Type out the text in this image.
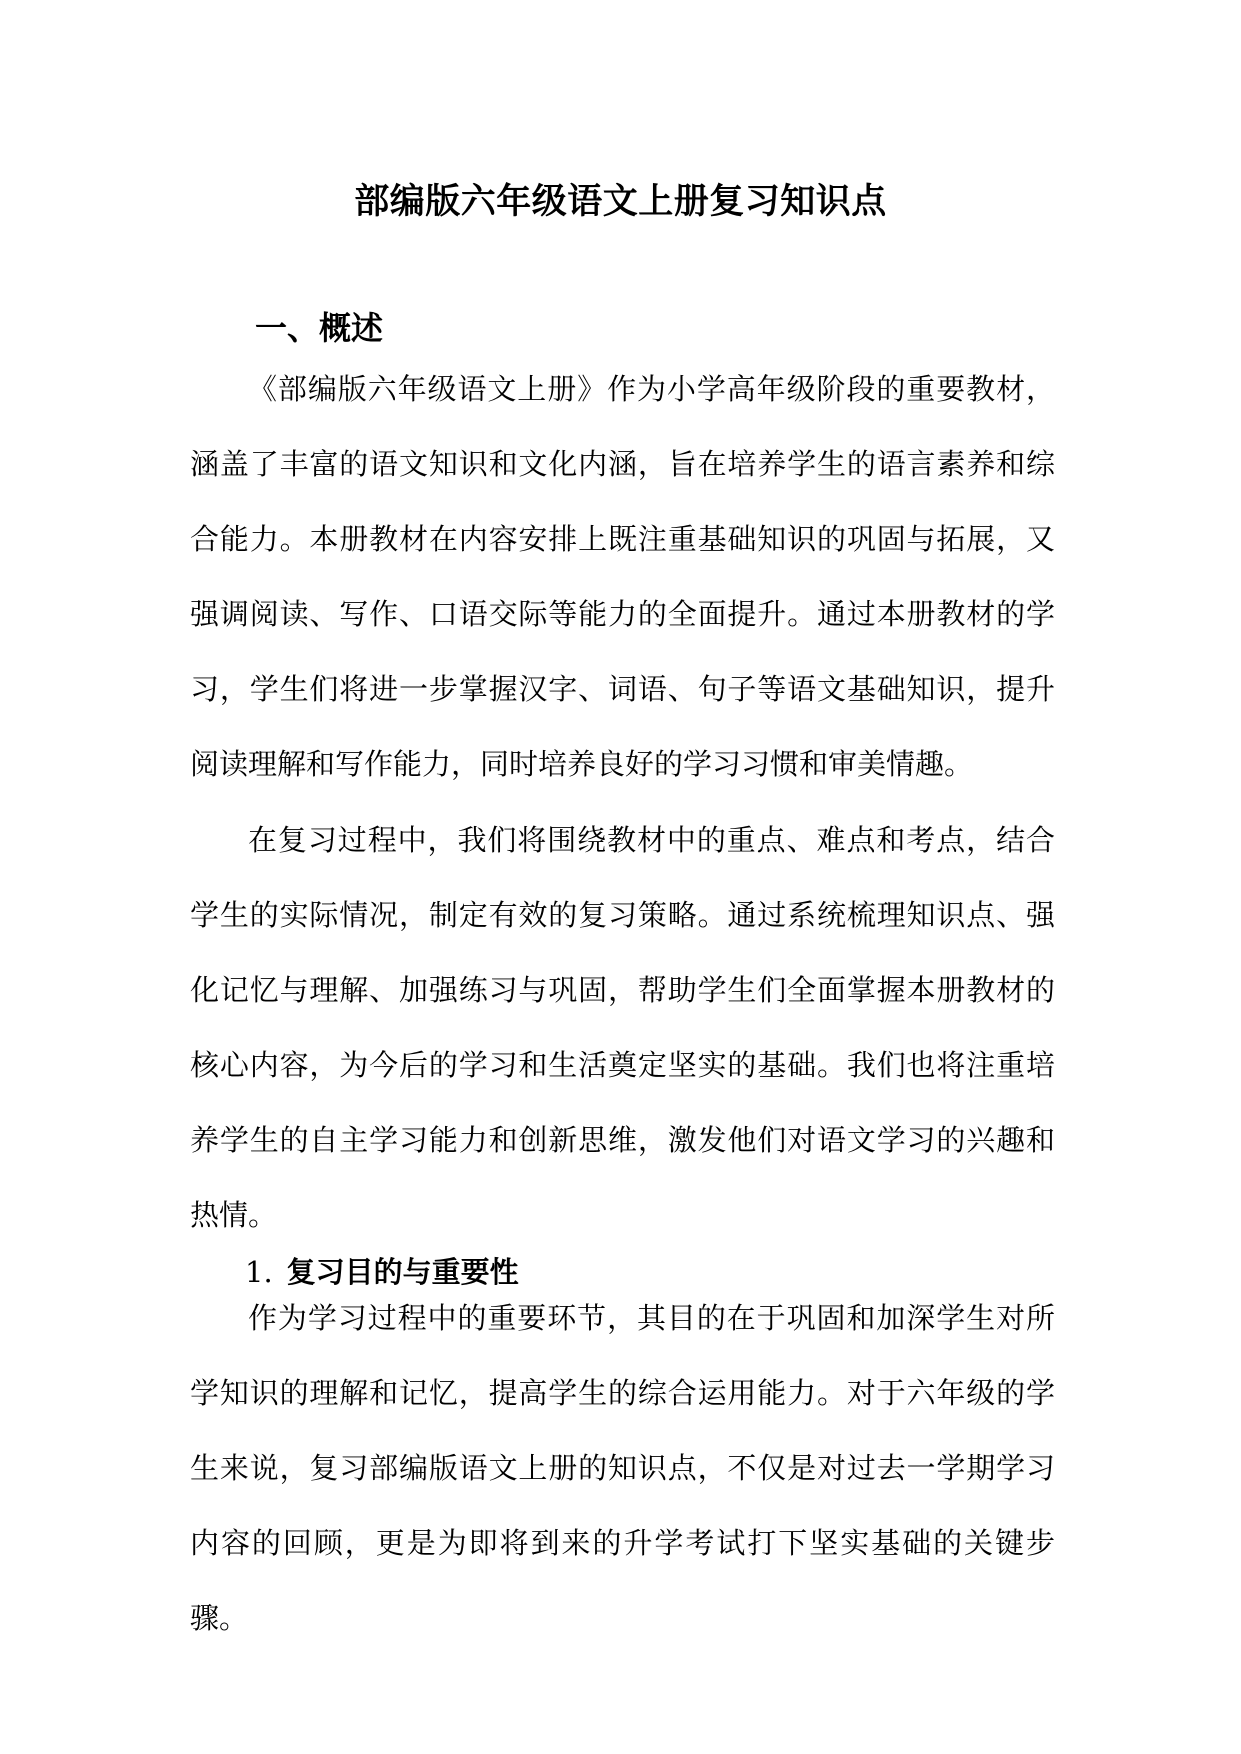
部编版六年级语文上册复习知识点
一、概述

《部编版六年级语文上册》作为小学高年级阶段的重要教材，涵盖了丰富的语文知识和文化内涵，旨在培养学生的语言素养和综合能力。本册教材在内容安排上既注重基础知识的巩固与拓展，又强调阅读、写作、口语交际等能力的全面提升。通过本册教材的学习，学生们将进一步掌握汉字、词语、句子等语文基础知识，提升阅读理解和写作能力，同时培养良好的学习习惯和审美情趣。

在复习过程中，我们将围绕教材中的重点、难点和考点，结合学生的实际情况，制定有效的复习策略。通过系统梳理知识点、强化记忆与理解、加强练习与巩固，帮助学生们全面掌握本册教材的核心内容，为今后的学习和生活奠定坚实的基础。我们也将注重培养学生的自主学习能力和创新思维，激发他们对语文学习的兴趣和热情。

1. 复习目的与重要性

作为学习过程中的重要环节，其目的在于巩固和加深学生对所学知识的理解和记忆，提高学生的综合运用能力。对于六年级的学生来说，复习部编版语文上册的知识点，不仅是对过去一学期学习内容的回顾，更是为即将到来的升学考试打下坚实基础的关键步骤。
